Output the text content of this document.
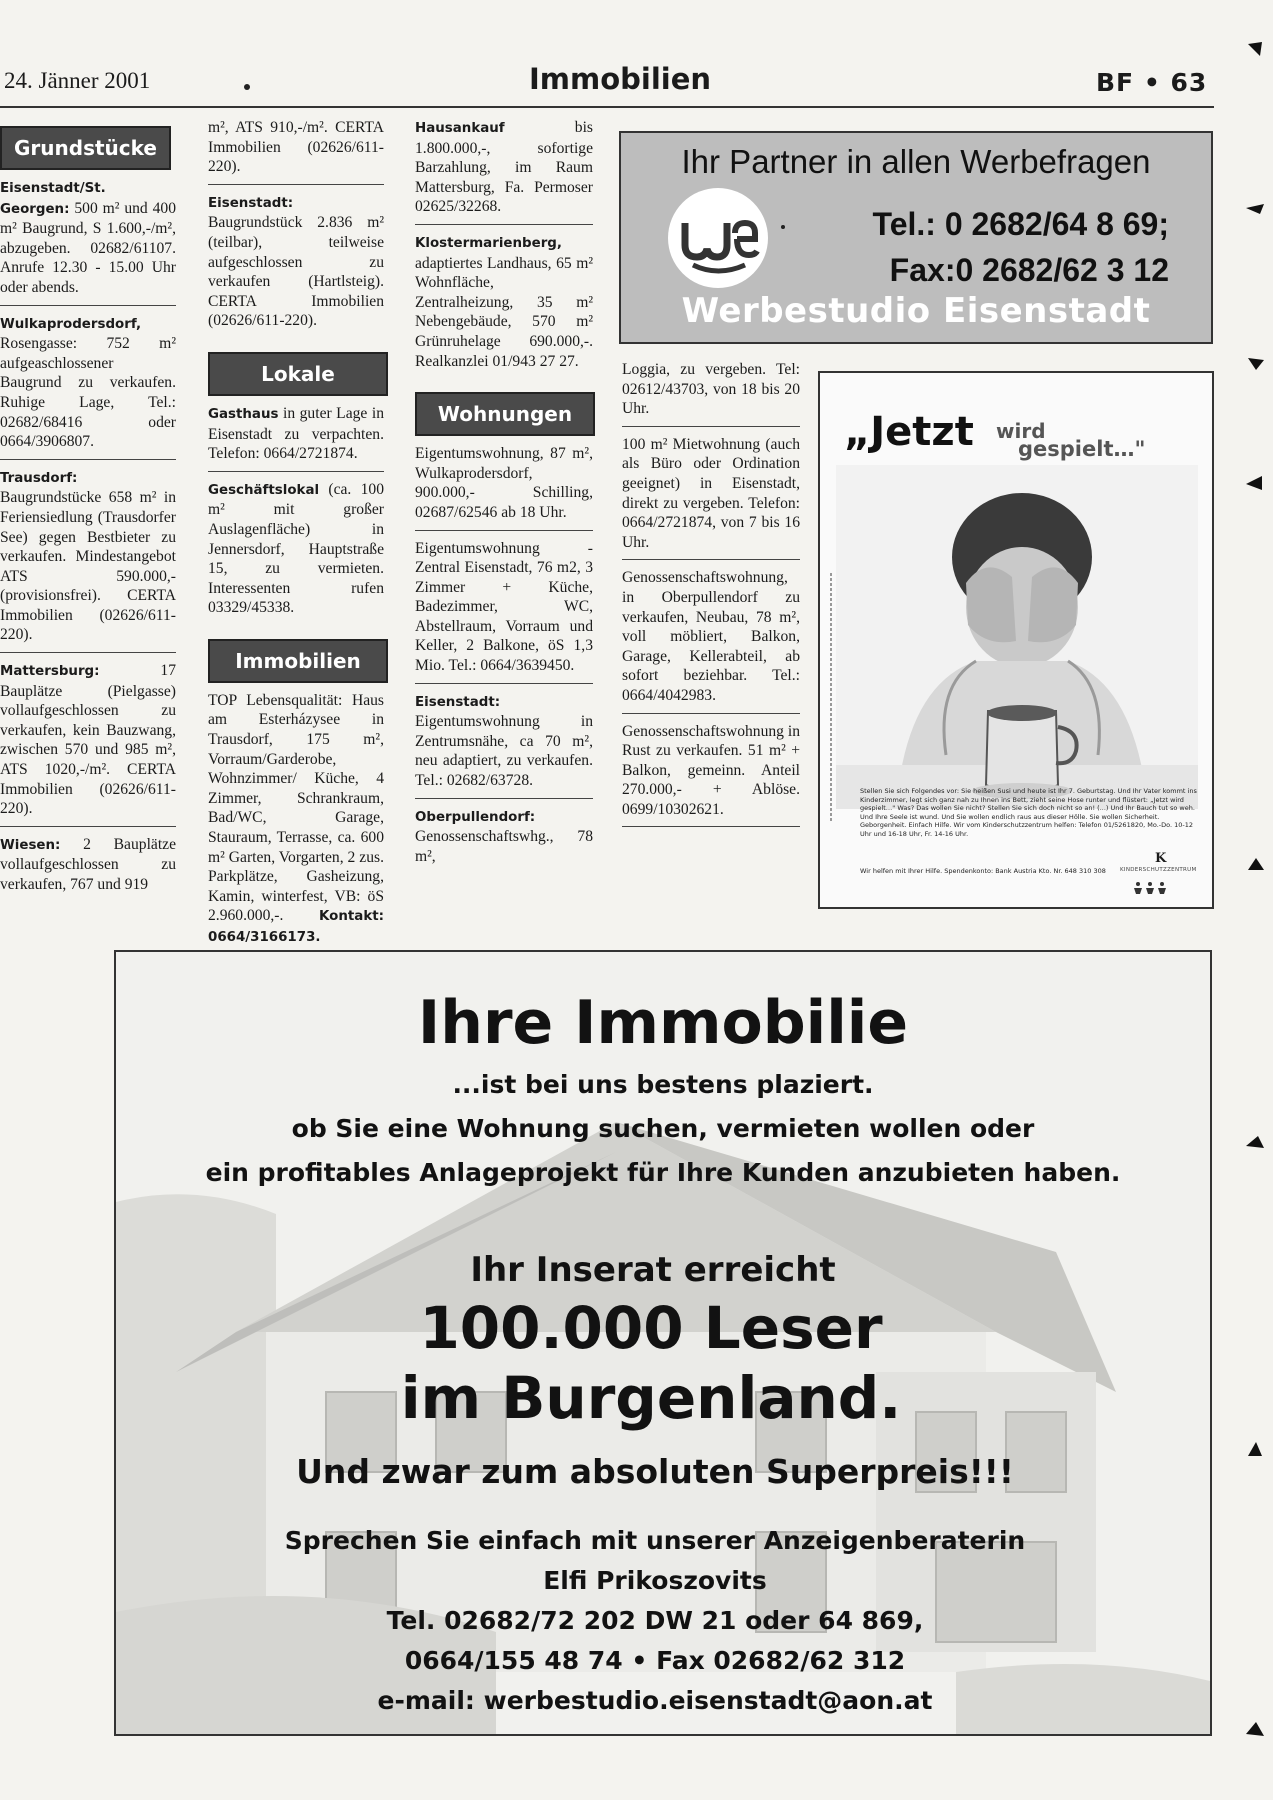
24. Jänner 2001	Immobilien	BF • 63
Grundstücke
Eisenstadt/St. Georgen: 500 m² und 400 m² Baugrund, S 1.600,-/m², abzugeben. 02682/61107. Anrufe 12.30 - 15.00 Uhr oder abends.
Wulkaprodersdorf, Rosengasse: 752 m² aufgeaschlossener Baugrund zu verkaufen. Ruhige Lage, Tel.: 02682/68416 oder 0664/3906807.
Trausdorf: Baugrundstücke 658 m² in Feriensiedlung (Trausdorfer See) gegen Bestbieter zu verkaufen. Mindestangebot ATS 590.000,- (provisionsfrei). CERTA Immobilien (02626/611-220).
Mattersburg:	17 Bauplätze (Pielgasse) vollaufgeschlossen zu verkaufen, kein Bauzwang, zwischen 570 und 985 m², ATS 1020,-/m². CERTA Immobilien (02626/611-220).
Wiesen: 2 Bauplätze vollaufgeschlossen zu verkaufen, 767 und 919
m², ATS 910,-/m². CERTA Immobilien (02626/611-220).
Eisenstadt: Baugrundstück 2.836 m² (teilbar), teilweise aufgeschlossen zu verkaufen (Hartlsteig). CERTA Immobilien (02626/611-220).
Lokale
Gasthaus in guter Lage in Eisenstadt zu verpachten. Telefon: 0664/2721874.
Geschäftslokal (ca. 100 m² mit großer Auslagenfläche) in Jennersdorf, Hauptstraße 15, zu vermieten. Interessenten rufen 03329/45338.
Immobilien
TOP Lebensqualität: Haus am Esterházysee in Trausdorf, 175 m², Vorraum/Garderobe, Wohnzimmer/ Küche, 4 Zimmer, Schrankraum, Bad/WC, Garage, Stauraum, Terrasse, ca. 600 m² Garten, Vorgarten, 2 zus. Parkplätze, Gasheizung, Kamin, winterfest, VB: öS 2.960.000,-.	Kontakt: 0664/3166173.
Hausankauf	bis 1.800.000,-, sofortige Barzahlung, im Raum Mattersburg, Fa. Permoser 02625/32268.
Klostermarienberg, adaptiertes Landhaus, 65 m² Wohnfläche, Zentralheizung, 35 m² Nebengebäude, 570 m² Grünruhelage 690.000,-. Realkanzlei 01/943 27 27.
Wohnungen
Eigentumswohnung, 87 m², Wulkaprodersdorf, 900.000,- Schilling, 02687/62546 ab 18 Uhr.
Eigentumswohnung - Zentral Eisenstadt, 76 m2, 3 Zimmer + Küche, Badezimmer, WC, Abstellraum, Vorraum und Keller, 2 Balkone, öS 1,3 Mio. Tel.: 0664/3639450.
Eisenstadt: Eigentumswohnung in Zentrumsnähe, ca 70 m², neu adaptiert, zu verkaufen. Tel.: 02682/63728.
Oberpullendorf: Genossenschaftswhg., 78 m²,
Ihr Partner in allen Werbefragen
Tel.: 0 2682/64 8 69;
Fax:0 2682/62 3 12
Werbestudio Eisenstadt
Loggia, zu vergeben. Tel: 02612/43703, von 18 bis 20 Uhr.
100 m² Mietwohnung (auch als Büro oder Ordination geeignet) in Eisenstadt, direkt zu vergeben. Telefon: 0664/2721874, von 7 bis 16 Uhr.
Genossenschaftswohnung, in Oberpullendorf zu verkaufen, Neubau, 78 m², voll möbliert, Balkon, Garage, Kellerabteil, ab sofort beziehbar. Tel.: 0664/4042983.
Genossenschaftswohnung in Rust zu verkaufen. 51 m² + Balkon, gemeinn. Anteil 270.000,- + Ablöse. 0699/10302621.
„Jetzt wird
gespielt…"
Stellen Sie sich Folgendes vor: Sie heißen Susi und heute ist Ihr 7. Geburtstag. Und Ihr Vater kommt ins Kinderzimmer, legt sich ganz nah zu Ihnen ins Bett, zieht seine Hose runter und flüstert: „Jetzt wird gespielt…" Was? Das wollen Sie nicht? Stellen Sie sich doch nicht so an! (...) Und Ihr Bauch tut so weh. Und Ihre Seele ist wund. Und Sie wollen endlich raus aus dieser Hölle. Sie wollen Sicherheit. Geborgenheit. Einfach Hilfe. Wir vom Kinderschutzzentrum helfen: Telefon 01/5261820, Mo.-Do. 10-12 Uhr und 16-18 Uhr, Fr. 14-16 Uhr.
Wir helfen mit Ihrer Hilfe. Spendenkonto: Bank Austria Kto. Nr. 648 310 308
K
KINDERSCHUTZZENTRUM
Ihre Immobilie
...ist bei uns bestens plaziert.
ob Sie eine Wohnung suchen, vermieten wollen oder
ein profitables Anlageprojekt für Ihre Kunden anzubieten haben.
Ihr Inserat erreicht
100.000 Leser
im Burgenland.
Und zwar zum absoluten Superpreis!!!
Sprechen Sie einfach mit unserer Anzeigenberaterin
Elfi Prikoszovits
Tel. 02682/72 202 DW 21 oder 64 869,
0664/155 48 74 • Fax 02682/62 312
e-mail: werbestudio.eisenstadt@aon.at
